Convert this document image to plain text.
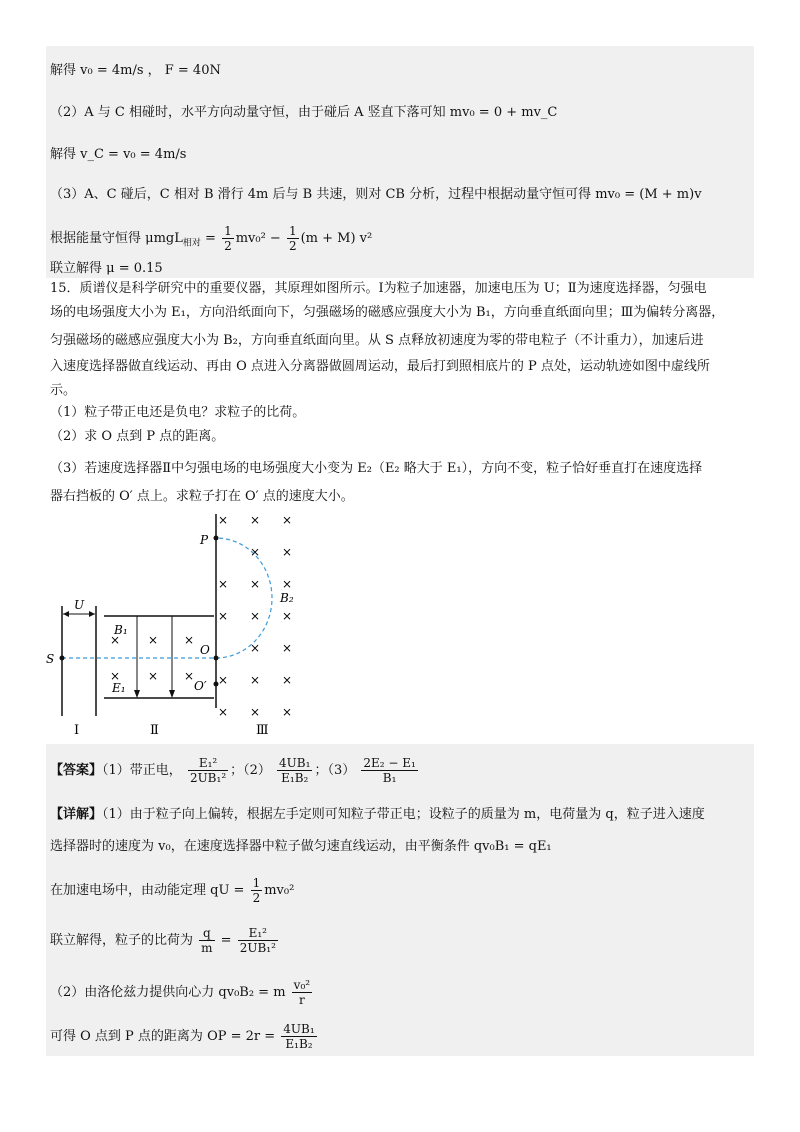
解得 v₀ = 4m/s ， F = 40N
（2）A 与 C 相碰时，水平方向动量守恒，由于碰后 A 竖直下落可知 mv₀ = 0 + mv_C
解得 v_C = v₀ = 4m/s
（3）A、C 碰后，C 相对 B 滑行 4m 后与 B 共速，则对 CB 分析，过程中根据动量守恒可得 mv₀ = (M + m)v
根据能量守恒得 $\mu mgL_{相对} = \frac{1}{2} mv_0^2 - \frac{1}{2} (m + M)$ v²
联立解得 μ = 0.15
15．质谱仪是科学研究中的重要仪器，其原理如图所示。Ⅰ为粒子加速器，加速电压为 U；Ⅱ为速度选择器，匀强电
场的电场强度大小为 E₁，方向沿纸面向下，匀强磁场的磁感应强度大小为 B₁，方向垂直纸面向里；Ⅲ为偏转分离器，
匀强磁场的磁感应强度大小为 B₂，方向垂直纸面向里。从 S 点释放初速度为零的带电粒子（不计重力），加速后进
入速度选择器做直线运动、再由 O 点进入分离器做圆周运动，最后打到照相底片的 P 点处，运动轨迹如图中虚线所
示。
（1）粒子带正电还是负电？求粒子的比荷。
（2）求 O 点到 P 点的距离。
（3）若速度选择器Ⅱ中匀强电场的电场强度大小变为 E₂（E₂ 略大于 E₁），方向不变，粒子恰好垂直打在速度选择
器右挡板的 O′ 点上。求粒子打在 O′ 点的速度大小。
U
S
P
O
O′
B₁
E₁
B₂
× × ×
× × ×
× × ×
× ×
× × ×
× × ×
× ×
× × ×
× × ×
Ⅰ	Ⅱ	Ⅲ
【答案】（1）带正电， $\frac{\text{E₁²}}{\text{2UB₁²}}$ ；$(2) \frac{\text{4UB₁}}{\text{E₁B₂}}$ ；$(3) \frac{\text{2E₂ − E₁}}{\text{B₁}}$
【详解】（1）由于粒子向上偏转，根据左手定则可知粒子带正电；设粒子的质量为 m，电荷量为 q，粒子进入速度
选择器时的速度为 v₀，在速度选择器中粒子做匀速直线运动，由平衡条件 qv₀B₁ = qE₁
在加速电场中，由动能定理 qU = $\frac{1}{2} mv_0^2$
联立解得，粒子的比荷为 $\frac{q}{m} = \frac{\text{E₁²}}{\text{2UB₁²}}$
（2）由洛伦兹力提供向心力 qv₀B₂ = m $\frac{\text{v₀²}}{r}$
可得 O 点到 P 点的距离为 OP = $2r = \frac{\text{4UB₁}}{\text{E₁B₂}}$
